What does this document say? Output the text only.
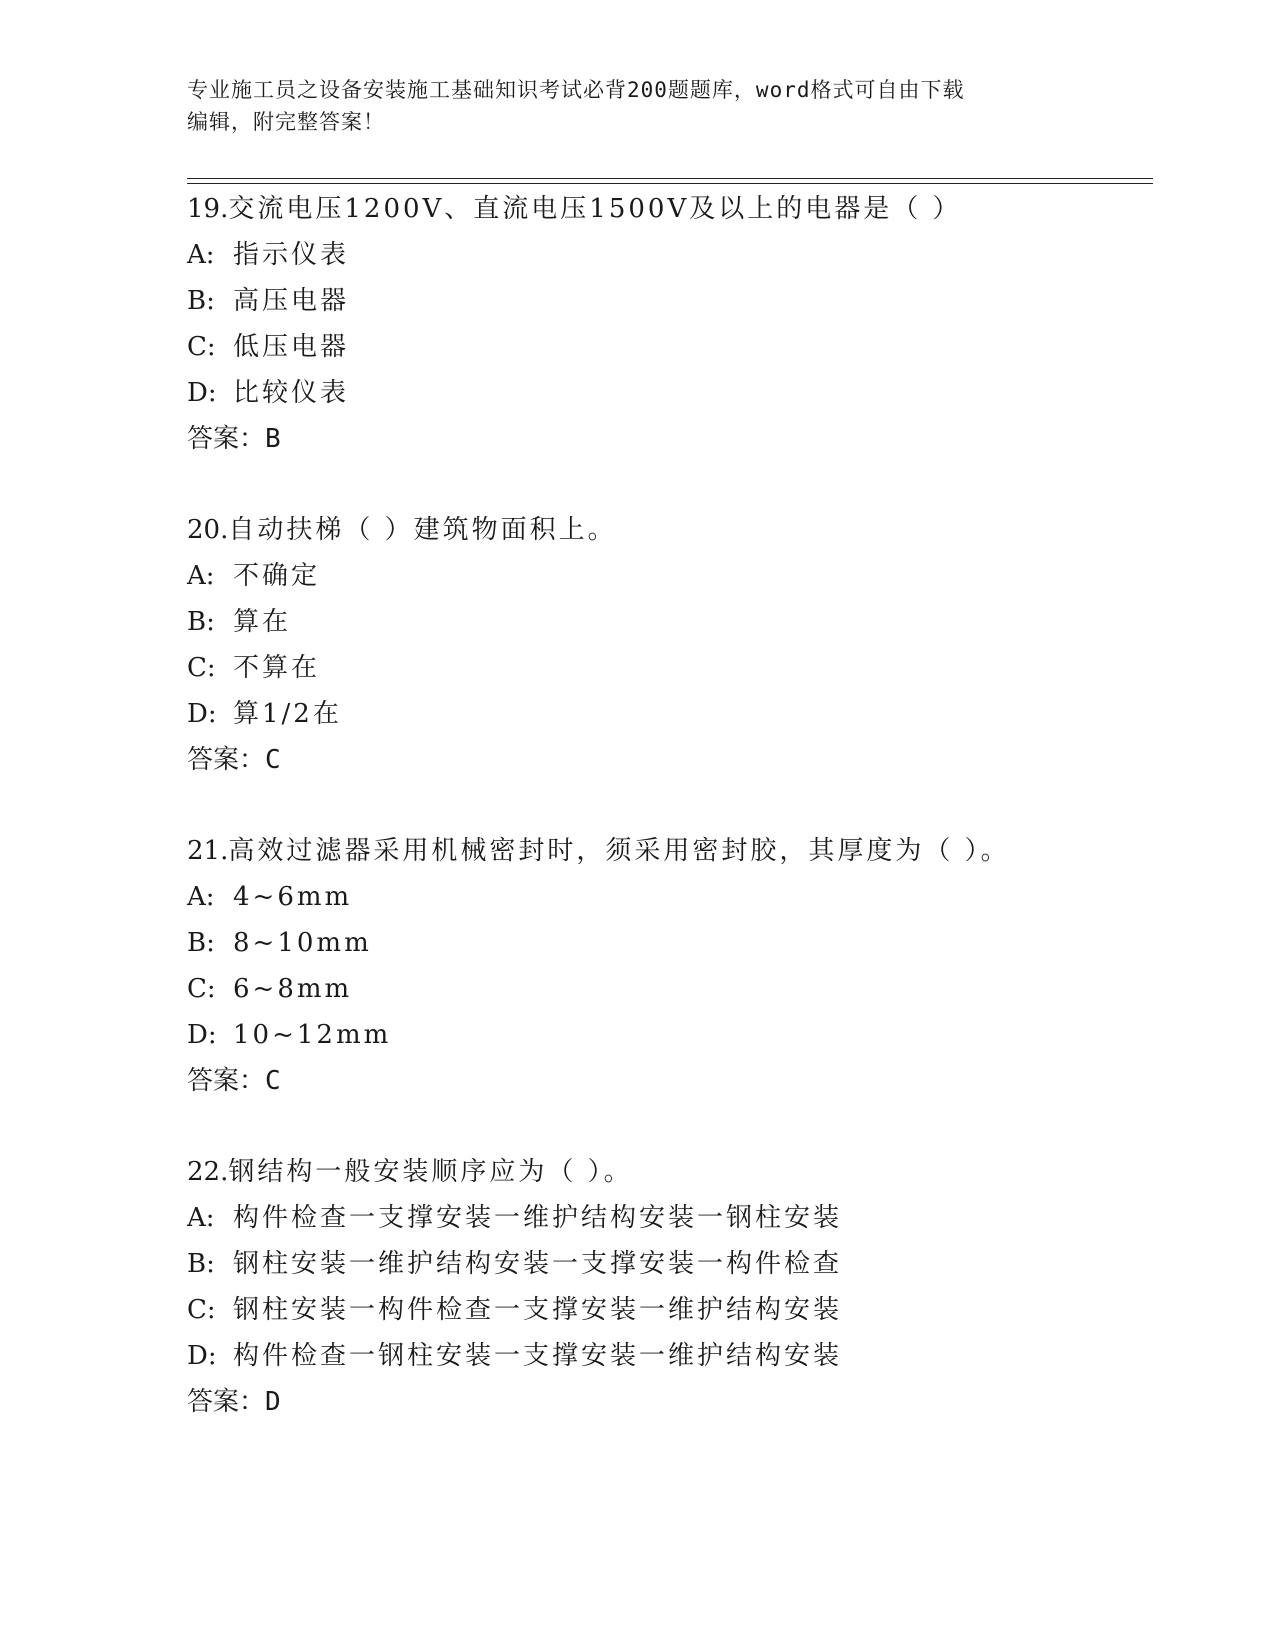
专业施工员之设备安装施工基础知识考试必背200题题库，word格式可自由下载
编辑，附完整答案！

19.交流电压1200V、直流电压1500V及以上的电器是（ ）
A: 指示仪表
B: 高压电器
C: 低压电器
D: 比较仪表
答案：B
20.自动扶梯（ ）建筑物面积上。
A: 不确定
B: 算在
C: 不算在
D: 算1/2在
答案：C
21.高效过滤器采用机械密封时，须采用密封胶，其厚度为（ ）。
A: 4~6mm
B: 8~10mm
C: 6~8mm
D: 10~12mm
答案：C
22.钢结构一般安装顺序应为（ ）。
A: 构件检查一支撑安装一维护结构安装一钢柱安装
B: 钢柱安装一维护结构安装一支撑安装一构件检查
C: 钢柱安装一构件检查一支撑安装一维护结构安装
D: 构件检查一钢柱安装一支撑安装一维护结构安装
答案：D
